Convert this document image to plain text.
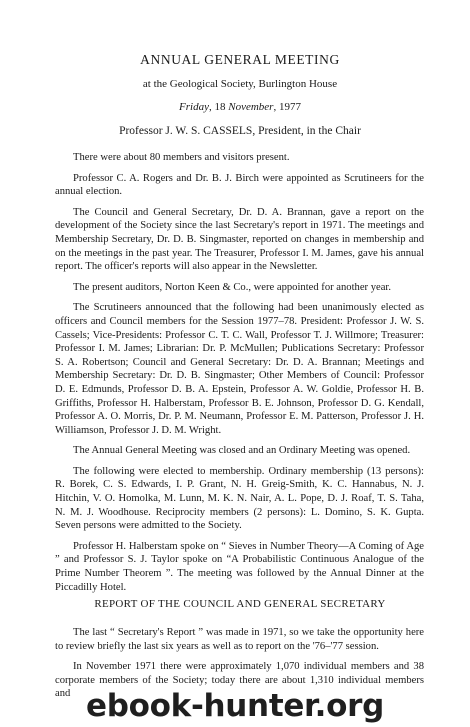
ANNUAL GENERAL MEETING

at the Geological Society, Burlington House

Friday, 18 November, 1977

Professor J. W. S. CASSELS, President, in the Chair

There were about 80 members and visitors present.

Professor C. A. Rogers and Dr. B. J. Birch were appointed as Scrutineers for the annual election.

The Council and General Secretary, Dr. D. A. Brannan, gave a report on the development of the Society since the last Secretary's report in 1971. The meetings and Membership Secretary, Dr. D. B. Singmaster, reported on changes in membership and on the meetings in the past year. The Treasurer, Professor I. M. James, gave his annual report. The officer's reports will also appear in the Newsletter.

The present auditors, Norton Keen & Co., were appointed for another year.

The Scrutineers announced that the following had been unanimously elected as officers and Council members for the Session 1977–78. President: Professor J. W. S. Cassels; Vice-Presidents: Professor C. T. C. Wall, Professor T. J. Willmore; Treasurer: Professor I. M. James; Librarian: Dr. P. McMullen; Publications Secretary: Professor S. A. Robertson; Council and General Secretary: Dr. D. A. Brannan; Meetings and Membership Secretary: Dr. D. B. Singmaster; Other Members of Council: Professor D. E. Edmunds, Professor D. B. A. Epstein, Professor A. W. Goldie, Professor H. B. Griffiths, Professor H. Halberstam, Professor B. E. Johnson, Professor D. G. Kendall, Professor A. O. Morris, Dr. P. M. Neumann, Professor E. M. Patterson, Professor J. H. Williamson, Professor J. D. M. Wright.

The Annual General Meeting was closed and an Ordinary Meeting was opened.

The following were elected to membership. Ordinary membership (13 persons): R. Borek, C. S. Edwards, I. P. Grant, N. H. Greig-Smith, K. C. Hannabus, N. J. Hitchin, V. O. Homolka, M. Lunn, M. K. N. Nair, A. L. Pope, D. J. Roaf, T. S. Taha, N. M. J. Woodhouse. Reciprocity members (2 persons): L. Domino, S. K. Gupta. Seven persons were admitted to the Society.

Professor H. Halberstam spoke on “ Sieves in Number Theory—A Coming of Age ” and Professor S. J. Taylor spoke on “A Probabilistic Continuous Analogue of the Prime Number Theorem ”. The meeting was followed by the Annual Dinner at the Piccadilly Hotel.

REPORT OF THE COUNCIL AND GENERAL SECRETARY

The last “ Secretary's Report ” was made in 1971, so we take the opportunity here to review briefly the last six years as well as to report on the '76–'77 session.

In November 1971 there were approximately 1,070 individual members and 38 corporate members of the Society; today there are about 1,310 individual members and ebook-hunter.org
